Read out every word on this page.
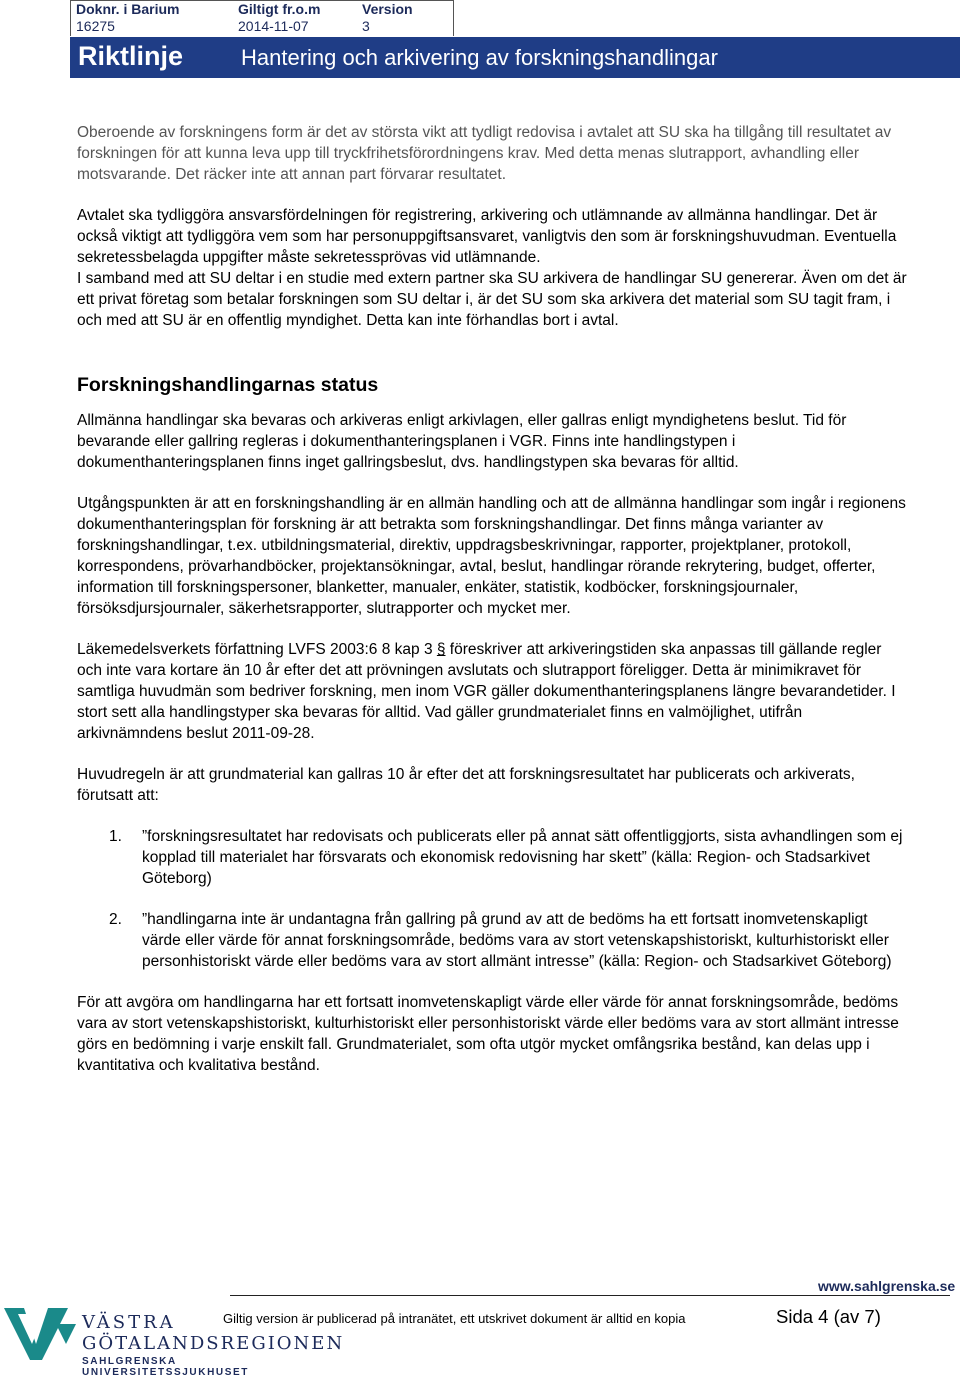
Doknr. i Barium
16275
Giltigt fr.o.m
2014-11-07
Version
3
Riktlinje	Hantering och arkivering av forskningshandlingar

Oberoende av forskningens form är det av största vikt att tydligt redovisa i avtalet att SU ska ha tillgång till resultatet av forskningen för att kunna leva upp till tryckfrihetsförordningens krav. Med detta menas slutrapport, avhandling eller motsvarande. Det räcker inte att annan part förvarar resultatet.

Avtalet ska tydliggöra ansvarsfördelningen för registrering, arkivering och utlämnande av allmänna handlingar. Det är också viktigt att tydliggöra vem som har personuppgiftsansvaret, vanligtvis den som är forskningshuvudman. Eventuella sekretessbelagda uppgifter måste sekretessprövas vid utlämnande.

I samband med att SU deltar i en studie med extern partner ska SU arkivera de handlingar SU genererar. Även om det är ett privat företag som betalar forskningen som SU deltar i, är det SU som ska arkivera det material som SU tagit fram, i och med att SU är en offentlig myndighet. Detta kan inte förhandlas bort i avtal.

Forskningshandlingarnas status

Allmänna handlingar ska bevaras och arkiveras enligt arkivlagen, eller gallras enligt myndighetens beslut. Tid för bevarande eller gallring regleras i dokumenthanteringsplanen i VGR. Finns inte handlingstypen i dokumenthanteringsplanen finns inget gallringsbeslut, dvs. handlingstypen ska bevaras för alltid.

Utgångspunkten är att en forskningshandling är en allmän handling och att de allmänna handlingar som ingår i regionens dokumenthanteringsplan för forskning är att betrakta som forskningshandlingar. Det finns många varianter av forskningshandlingar, t.ex. utbildningsmaterial, direktiv, uppdragsbeskrivningar, rapporter, projektplaner, protokoll, korrespondens, prövarhandböcker, projektansökningar, avtal, beslut, handlingar rörande rekrytering, budget, offerter, information till forskningspersoner, blanketter, manualer, enkäter, statistik, kodböcker, forskningsjournaler, försöksdjursjournaler, säkerhetsrapporter, slutrapporter och mycket mer.

Läkemedelsverkets författning LVFS 2003:6 8 kap 3 § föreskriver att arkiveringstiden ska anpassas till gällande regler och inte vara kortare än 10 år efter det att prövningen avslutats och slutrapport föreligger. Detta är minimikravet för samtliga huvudmän som bedriver forskning, men inom VGR gäller dokumenthanteringsplanens längre bevarandetider. I stort sett alla handlingstyper ska bevaras för alltid. Vad gäller grundmaterialet finns en valmöjlighet, utifrån arkivnämndens beslut 2011-09-28.

Huvudregeln är att grundmaterial kan gallras 10 år efter det att forskningsresultatet har publicerats och arkiverats, förutsatt att:

1. ”forskningsresultatet har redovisats och publicerats eller på annat sätt offentliggjorts, sista avhandlingen som ej kopplad till materialet har försvarats och ekonomisk redovisning har skett” (källa: Region- och Stadsarkivet Göteborg)
2. ”handlingarna inte är undantagna från gallring på grund av att de bedöms ha ett fortsatt inomvetenskapligt värde eller värde för annat forskningsområde, bedöms vara av stort vetenskapshistoriskt, kulturhistoriskt eller personhistoriskt värde eller bedöms vara av stort allmänt intresse” (källa: Region- och Stadsarkivet Göteborg)

För att avgöra om handlingarna har ett fortsatt inomvetenskapligt värde eller värde för annat forskningsområde, bedöms vara av stort vetenskapshistoriskt, kulturhistoriskt eller personhistoriskt värde eller bedöms vara av stort allmänt intresse görs en bedömning i varje enskilt fall. Grundmaterialet, som ofta utgör mycket omfångsrika bestånd, kan delas upp i kvantitativa och kvalitativa bestånd.

www.sahlgrenska.se
VÄSTRA
GÖTALANDSREGIONEN
SAHLGRENSKA UNIVERSITETSSJUKHUSET
Giltig version är publicerad på intranätet, ett utskrivet dokument är alltid en kopia	Sida 4 (av 7)
